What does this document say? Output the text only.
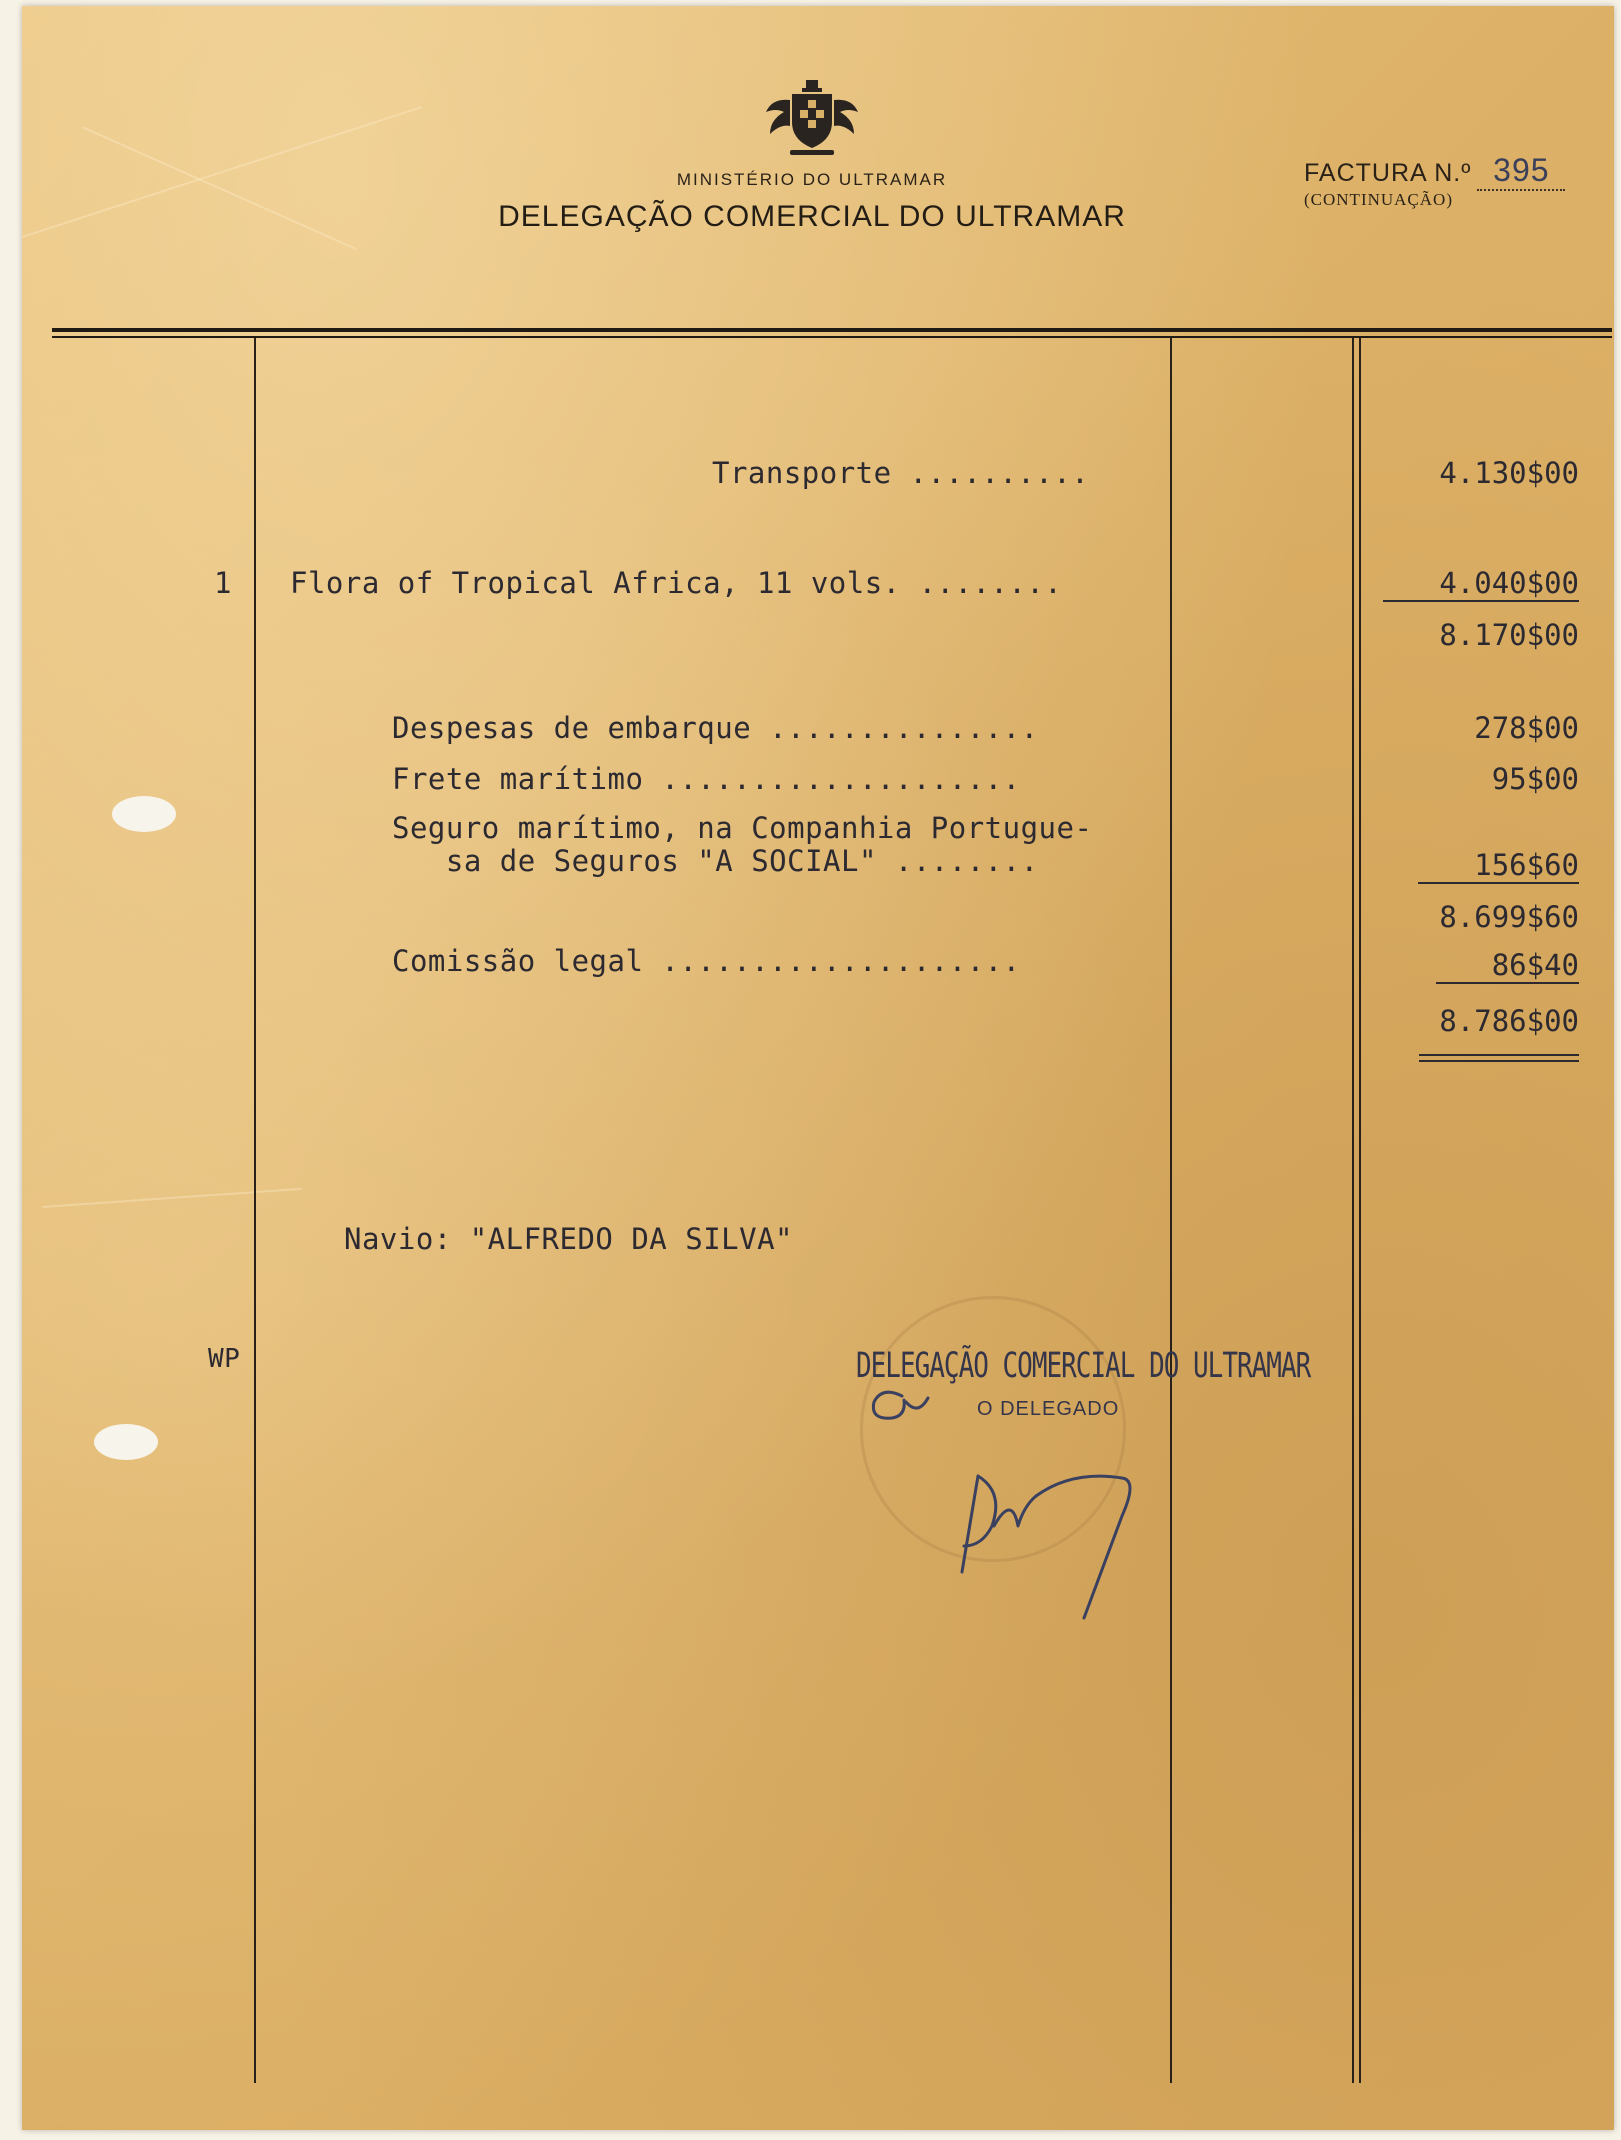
MINISTÉRIO DO ULTRAMAR
DELEGAÇÃO COMERCIAL DO ULTRAMAR
FACTURA N.º 395
(CONTINUAÇÃO)
Transporte ..........	4.130$00
1 Flora of Tropical Africa, 11 vols. ........	4.040$00
8.170$00
Despesas de embarque ...............	278$00
Frete marítimo ....................	95$00
Seguro marítimo, na Companhia Portugue-
sa de Seguros "A SOCIAL" ........	156$60
8.699$60
Comissão legal ....................	86$40
8.786$00
Navio: "ALFREDO DA SILVA"
WP	DELEGAÇÃO COMERCIAL DO ULTRAMAR
O DELEGADO
